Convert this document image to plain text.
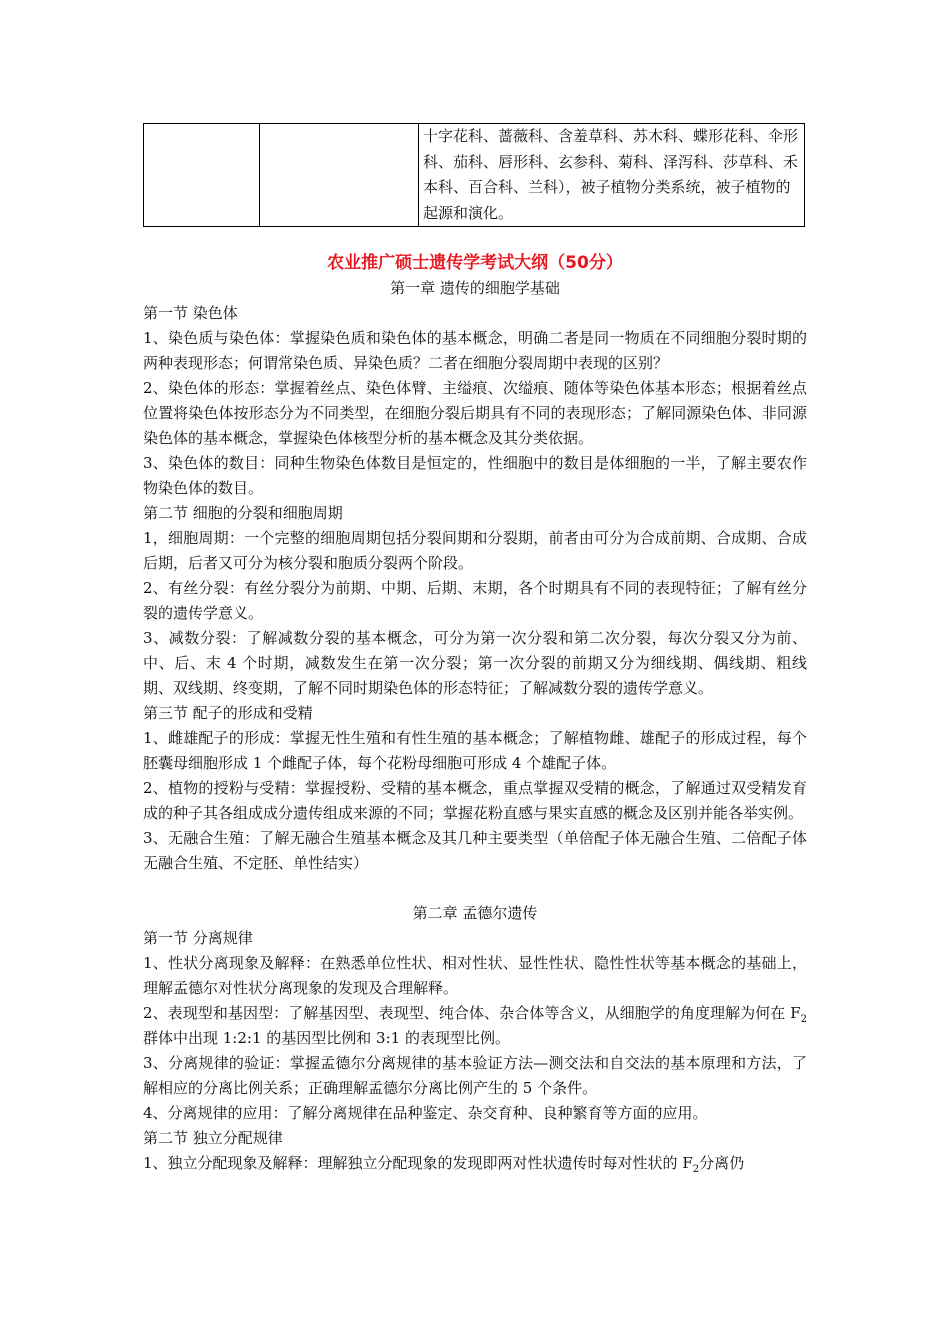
		十字花科、蔷薇科、含羞草科、苏木科、蝶形花科、伞形科、茄科、唇形科、玄参科、菊科、泽泻科、莎草科、禾本科、百合科、兰科），被子植物分类系统，被子植物的起源和演化。

农业推广硕士遗传学考试大纲（50分）

第一章 遗传的细胞学基础

第一节 染色体

1、染色质与染色体：掌握染色质和染色体的基本概念，明确二者是同一物质在不同细胞分裂时期的两种表现形态；何谓常染色质、异染色质？二者在细胞分裂周期中表现的区别？

2、染色体的形态：掌握着丝点、染色体臂、主缢痕、次缢痕、随体等染色体基本形态；根据着丝点位置将染色体按形态分为不同类型，在细胞分裂后期具有不同的表现形态；了解同源染色体、非同源染色体的基本概念，掌握染色体核型分析的基本概念及其分类依据。

3、染色体的数目：同种生物染色体数目是恒定的，性细胞中的数目是体细胞的一半，了解主要农作物染色体的数目。

第二节 细胞的分裂和细胞周期

1，细胞周期：一个完整的细胞周期包括分裂间期和分裂期，前者由可分为合成前期、合成期、合成后期，后者又可分为核分裂和胞质分裂两个阶段。

2、有丝分裂：有丝分裂分为前期、中期、后期、末期，各个时期具有不同的表现特征；了解有丝分裂的遗传学意义。

3、减数分裂：了解减数分裂的基本概念，可分为第一次分裂和第二次分裂，每次分裂又分为前、中、后、末 4 个时期，减数发生在第一次分裂；第一次分裂的前期又分为细线期、偶线期、粗线期、双线期、终变期，了解不同时期染色体的形态特征；了解减数分裂的遗传学意义。

第三节 配子的形成和受精

1、雌雄配子的形成：掌握无性生殖和有性生殖的基本概念；了解植物雌、雄配子的形成过程，每个胚囊母细胞形成 1 个雌配子体，每个花粉母细胞可形成 4 个雄配子体。

2、植物的授粉与受精：掌握授粉、受精的基本概念，重点掌握双受精的概念，了解通过双受精发育成的种子其各组成成分遗传组成来源的不同；掌握花粉直感与果实直感的概念及区别并能各举实例。

3、无融合生殖：了解无融合生殖基本概念及其几种主要类型（单倍配子体无融合生殖、二倍配子体无融合生殖、不定胚、单性结实）

第二章 孟德尔遗传

第一节 分离规律

1、性状分离现象及解释：在熟悉单位性状、相对性状、显性性状、隐性性状等基本概念的基础上，理解孟德尔对性状分离现象的发现及合理解释。

2、表现型和基因型：了解基因型、表现型、纯合体、杂合体等含义，从细胞学的角度理解为何在 $F_2$群体中出现 1:2:1 的基因型比例和 3:1 的表现型比例。

3、分离规律的验证：掌握孟德尔分离规律的基本验证方法—测交法和自交法的基本原理和方法，了解相应的分离比例关系；正确理解孟德尔分离比例产生的 5 个条件。

4、分离规律的应用：了解分离规律在品种鉴定、杂交育种、良种繁育等方面的应用。

第二节 独立分配规律

1、独立分配现象及解释：理解独立分配现象的发现即两对性状遗传时每对性状的 $F_2$分离仍
